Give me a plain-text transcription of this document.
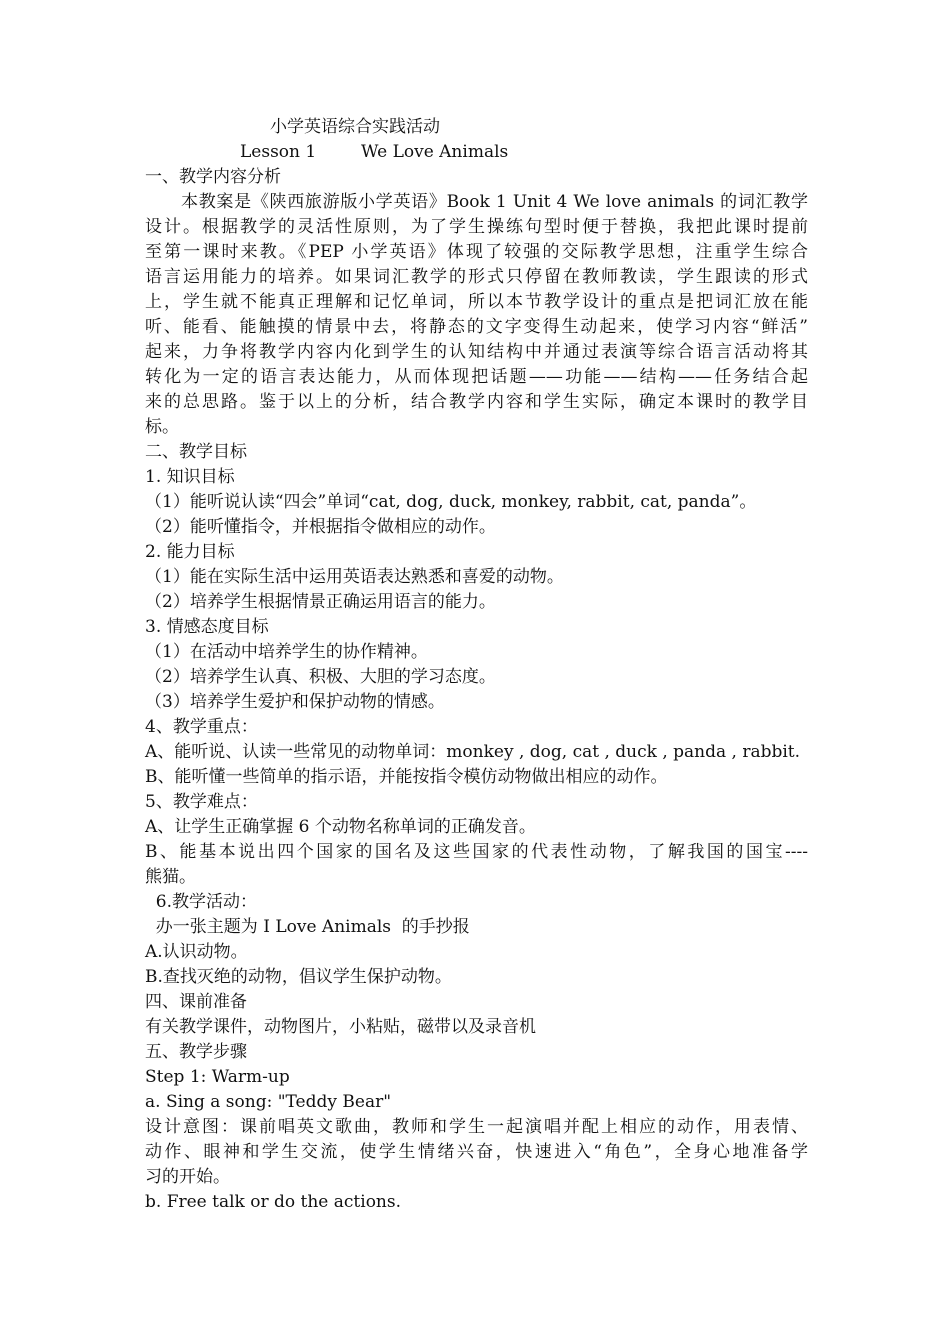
小学英语综合实践活动
Lesson 1	We Love Animals
一、教学内容分析
本教案是《陕西旅游版小学英语》Book 1 Unit 4 We love animals 的词汇教学
设计。根据教学的灵活性原则，为了学生操练句型时便于替换，我把此课时提前
至第一课时来教。《PEP 小学英语》体现了较强的交际教学思想，注重学生综合
语言运用能力的培养。如果词汇教学的形式只停留在教师教读，学生跟读的形式
上，学生就不能真正理解和记忆单词，所以本节教学设计的重点是把词汇放在能
听、能看、能触摸的情景中去，将静态的文字变得生动起来，使学习内容“鲜活”
起来，力争将教学内容内化到学生的认知结构中并通过表演等综合语言活动将其
转化为一定的语言表达能力，从而体现把话题——功能——结构——任务结合起
来的总思路。鉴于以上的分析，结合教学内容和学生实际，确定本课时的教学目
标。
二、教学目标
1. 知识目标
（1）能听说认读“四会”单词“cat, dog, duck, monkey, rabbit, cat, panda”。
（2）能听懂指令，并根据指令做相应的动作。
2. 能力目标
（1）能在实际生活中运用英语表达熟悉和喜爱的动物。
（2）培养学生根据情景正确运用语言的能力。
3. 情感态度目标
（1）在活动中培养学生的协作精神。
（2）培养学生认真、积极、大胆的学习态度。
（3）培养学生爱护和保护动物的情感。
4、教学重点：
A、能听说、认读一些常见的动物单词：monkey , dog, cat , duck , panda , rabbit.
B、能听懂一些简单的指示语，并能按指令模仿动物做出相应的动作。
5、教学难点：
A、让学生正确掌握 6 个动物名称单词的正确发音。
B、能基本说出四个国家的国名及这些国家的代表性动物，了解我国的国宝----
熊猫。
6.教学活动：
办一张主题为 I Love Animals  的手抄报
A.认识动物。
B.查找灭绝的动物，倡议学生保护动物。
四、课前准备
有关教学课件，动物图片，小粘贴，磁带以及录音机
五、教学步骤
Step 1: Warm-up
a. Sing a song: "Teddy Bear"
设计意图：课前唱英文歌曲，教师和学生一起演唱并配上相应的动作，用表情、
动作、眼神和学生交流，使学生情绪兴奋，快速进入“角色”，全身心地准备学
习的开始。
b. Free talk or do the actions.
